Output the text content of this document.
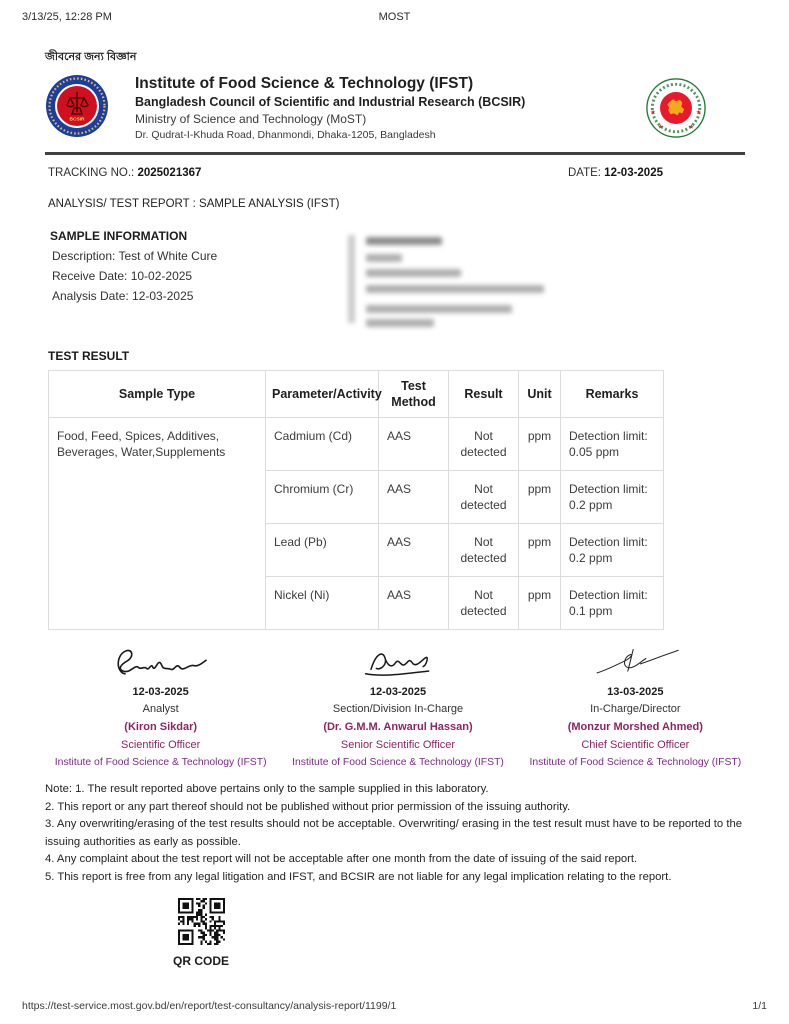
3/13/25, 12:28 PM	MOST
জীবনের জন্য বিজ্ঞান
BCSIR
Institute of Food Science & Technology (IFST)
Bangladesh Council of Scientific and Industrial Research (BCSIR)
Ministry of Science and Technology (MoST)
Dr. Qudrat-I-Khuda Road, Dhanmondi, Dhaka-1205, Bangladesh
★	★
★	★
TRACKING NO.: 2025021367	DATE: 12-03-2025
ANALYSIS/ TEST REPORT : SAMPLE ANALYSIS (IFST)
SAMPLE INFORMATION
Description: Test of White Cure
Receive Date: 10-02-2025
Analysis Date: 12-03-2025
TEST RESULT
Sample Type	Parameter/Activity	Test Method	Result	Unit	Remarks
Food, Feed, Spices, Additives, Beverages, Water,Supplements	Cadmium (Cd)	AAS	Not detected	ppm	Detection limit: 0.05 ppm
	Chromium (Cr)	AAS	Not detected	ppm	Detection limit: 0.2 ppm
	Lead (Pb)	AAS	Not detected	ppm	Detection limit: 0.2 ppm
	Nickel (Ni)	AAS	Not detected	ppm	Detection limit: 0.1 ppm
12-03-2025
Analyst
(Kiron Sikdar)
Scientific Officer
Institute of Food Science & Technology (IFST)
12-03-2025
Section/Division In-Charge
(Dr. G.M.M. Anwarul Hassan)
Senior Scientific Officer
Institute of Food Science & Technology (IFST)
13-03-2025
In-Charge/Director
(Monzur Morshed Ahmed)
Chief Scientific Officer
Institute of Food Science & Technology (IFST)
Note: 1. The result reported above pertains only to the sample supplied in this laboratory.
2. This report or any part thereof should not be published without prior permission of the issuing authority.
3. Any overwriting/erasing of the test results should not be acceptable. Overwriting/ erasing in the test result must have to be reported to the issuing authorities as early as possible.
4. Any complaint about the test report will not be acceptable after one month from the date of issuing of the said report.
5. This report is free from any legal litigation and IFST, and BCSIR are not liable for any legal implication relating to the report.
QR CODE
https://test-service.most.gov.bd/en/report/test-consultancy/analysis-report/1199/1	1/1
